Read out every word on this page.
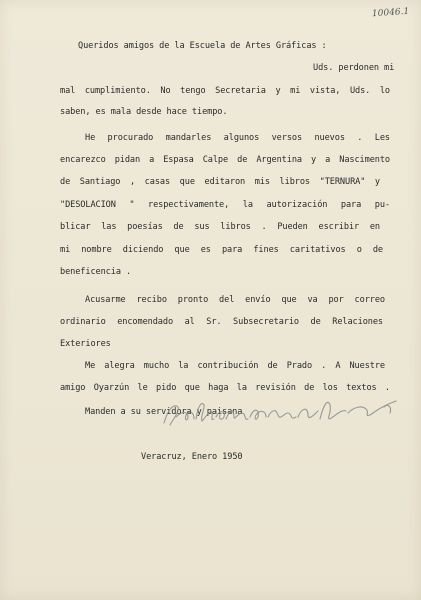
10046.1
Queridos amigos de la Escuela de Artes Gráficas :
Uds. perdonen mi
mal cumplimiento. No tengo Secretaria y mi vista, Uds. lo
saben, es mala desde hace tiempo.
He procurado mandarles algunos versos nuevos . Les
encarezco pidan a Espasa Calpe de Argentina y a Nascimento
de Santiago , casas que editaron mis libros "TERNURA" y
"DESOLACION " respectivamente, la autorización para pu-
blicar las poesías de sus libros . Pueden escribir en
mi nombre diciendo que es para fines caritativos o de
beneficencia .
Acusarme recibo pronto del envío que va por correo
ordinario encomendado al Sr. Subsecretario de Relaciones
Exteriores
Me alegra mucho la contribución de Prado . A Nuestre
amigo Oyarzún le pido que haga la revisión de los textos .
Manden a su servidora y paisana
Veracruz, Enero 1950
